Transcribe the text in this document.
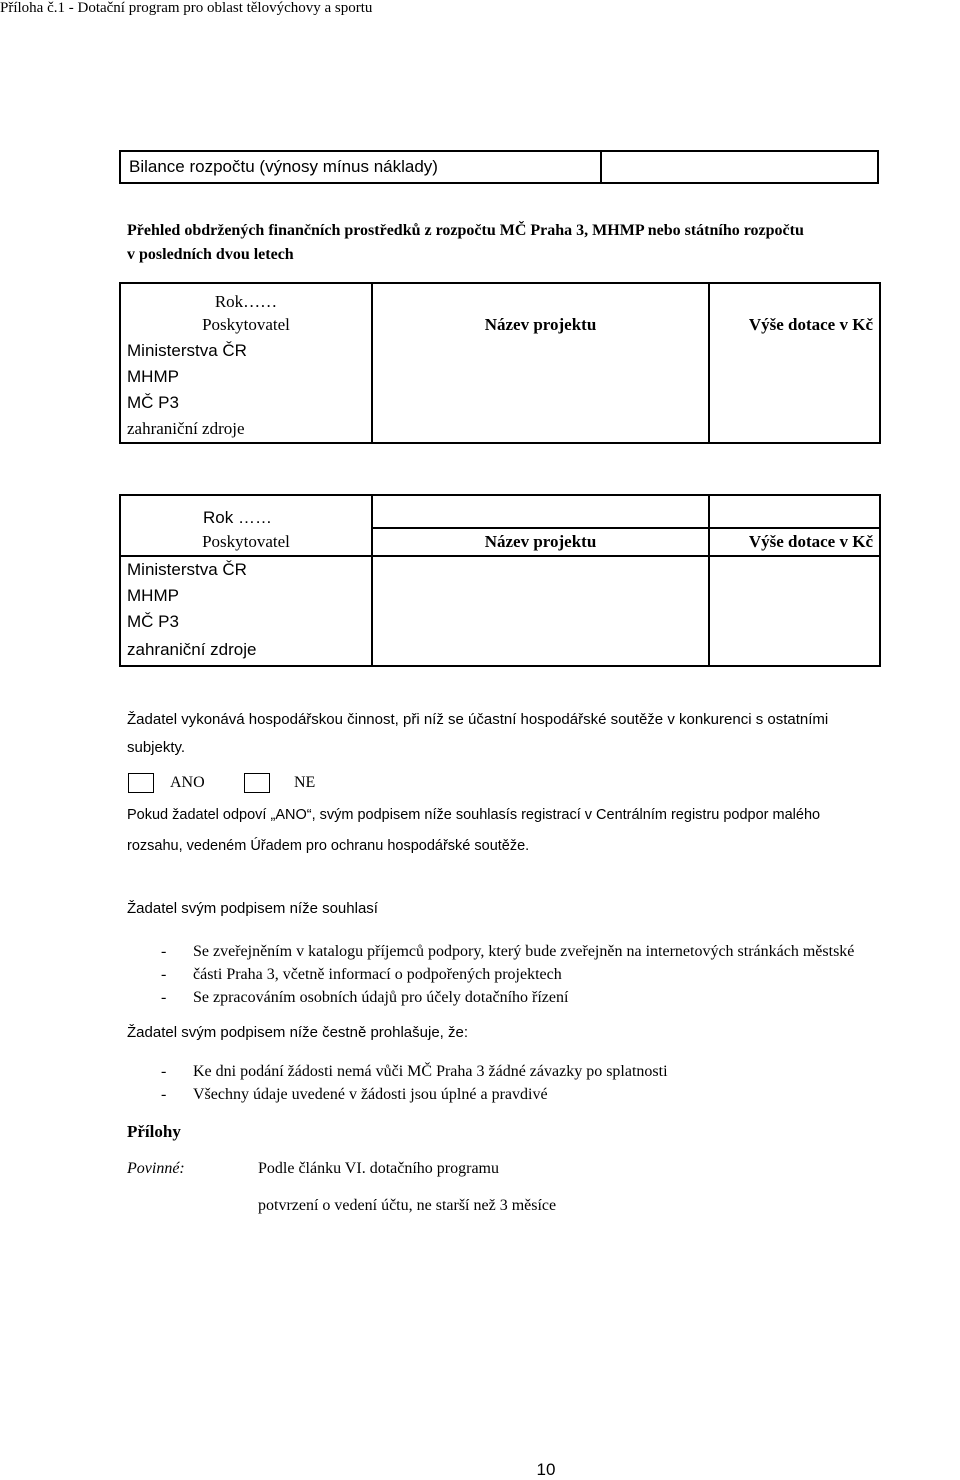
Příloha č.1 - Dotační program pro oblast tělovýchovy a sportu
Bilance rozpočtu (výnosy mínus náklady)	
Přehled obdržených finančních prostředků z rozpočtu MČ Praha 3, MHMP nebo státního rozpočtu
v posledních dvou letech
Rok……		
Poskytovatel	Název projektu	Výše dotace v Kč
Ministerstva ČR		
MHMP		
MČ P3		
zahraniční zdroje		
Rok ……		
Poskytovatel	Název projektu	Výše dotace v Kč
Ministerstva ČR		
MHMP		
MČ P3		
zahraniční zdroje		
Žadatel vykonává hospodářskou činnost, při níž se účastní hospodářské soutěže v konkurenci s ostatními
subjekty.
ANO	NE
Pokud žadatel odpoví „ANO“, svým podpisem níže souhlasís registrací v Centrálním registru podpor malého
rozsahu, vedeném Úřadem pro ochranu hospodářské soutěže.
Žadatel svým podpisem níže souhlasí
- Se zveřejněním v katalogu příjemců podpory, který bude zveřejněn na internetových stránkách městské
- části Praha 3, včetně informací o podpořených projektech
- Se zpracováním osobních údajů pro účely dotačního řízení
Žadatel svým podpisem níže čestně prohlašuje, že:
- Ke dni podání žádosti nemá vůči MČ Praha 3 žádné závazky po splatnosti
- Všechny údaje uvedené v žádosti jsou úplné a pravdivé
Přílohy
Povinné:	Podle článku VI. dotačního programu
potvrzení o vedení účtu, ne starší než 3 měsíce
10
